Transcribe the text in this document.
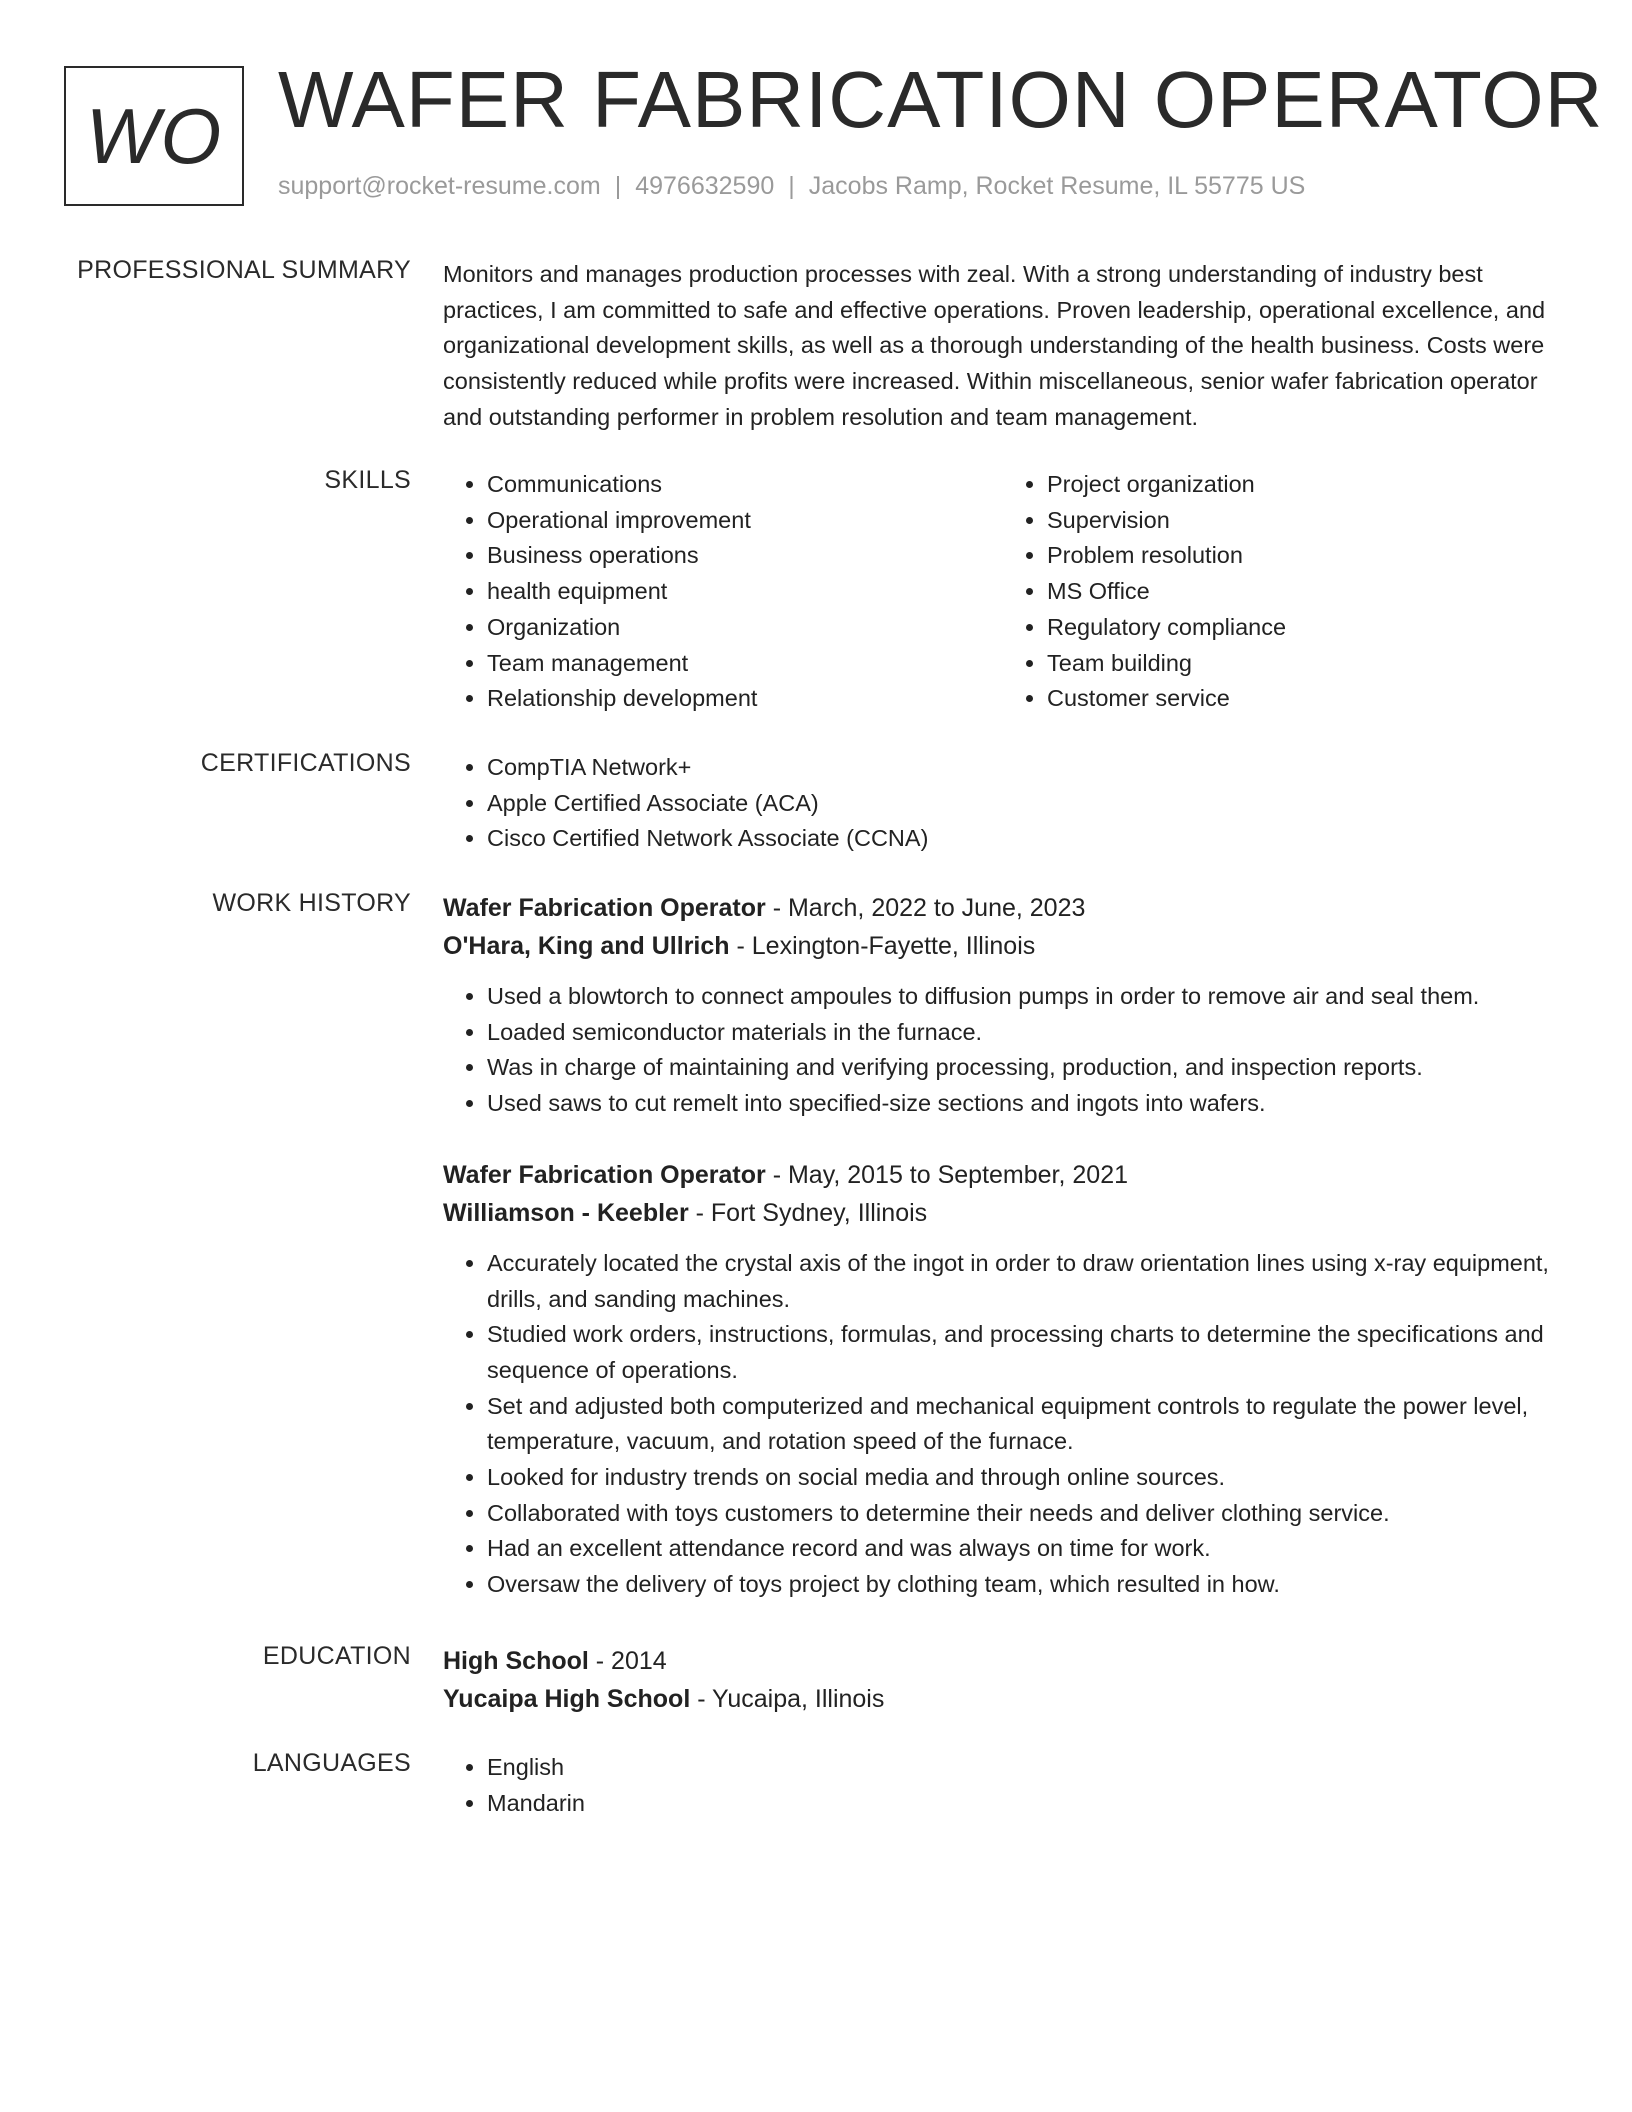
WO WAFER FABRICATION OPERATOR
support@rocket-resume.com | 4976632590 | Jacobs Ramp, Rocket Resume, IL 55775 US
PROFESSIONAL SUMMARY Monitors and manages production processes with zeal. With a strong understanding of industry best practices, I am committed to safe and effective operations. Proven leadership, operational excellence, and organizational development skills, as well as a thorough understanding of the health business. Costs were consistently reduced while profits were increased. Within miscellaneous, senior wafer fabrication operator and outstanding performer in problem resolution and team management.

SKILLS	• Communications
• Operational improvement
• Business operations
• health equipment
• Organization
• Team management
• Relationship development
• Project organization
• Supervision
• Problem resolution
• MS Office
• Regulatory compliance
• Team building
• Customer service
CERTIFICATIONS	• CompTIA Network+
• Apple Certified Associate (ACA)
• Cisco Certified Network Associate (CCNA)
WORK HISTORY Wafer Fabrication Operator - March, 2022 to June, 2023
O'Hara, King and Ullrich - Lexington-Fayette, Illinois
• Used a blowtorch to connect ampoules to diffusion pumps in order to remove air and seal them.
• Loaded semiconductor materials in the furnace.
• Was in charge of maintaining and verifying processing, production, and inspection reports.
• Used saws to cut remelt into specified-size sections and ingots into wafers.
Wafer Fabrication Operator - May, 2015 to September, 2021
Williamson - Keebler - Fort Sydney, Illinois
• Accurately located the crystal axis of the ingot in order to draw orientation lines using x-ray equipment, drills, and sanding machines.
• Studied work orders, instructions, formulas, and processing charts to determine the specifications and sequence of operations.
• Set and adjusted both computerized and mechanical equipment controls to regulate the power level, temperature, vacuum, and rotation speed of the furnace.
• Looked for industry trends on social media and through online sources.
• Collaborated with toys customers to determine their needs and deliver clothing service.
• Had an excellent attendance record and was always on time for work.
• Oversaw the delivery of toys project by clothing team, which resulted in how.
EDUCATION High School - 2014
Yucaipa High School - Yucaipa, Illinois
LANGUAGES	• English
• Mandarin
